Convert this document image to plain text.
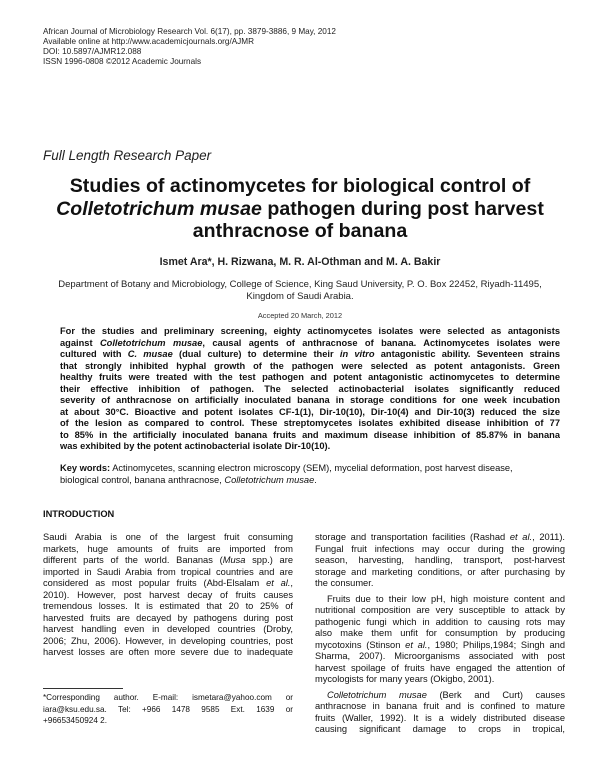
African Journal of Microbiology Research Vol. 6(17), pp. 3879-3886, 9 May, 2012
Available online at http://www.academicjournals.org/AJMR
DOI: 10.5897/AJMR12.088
ISSN 1996-0808 ©2012 Academic Journals
Full Length Research Paper
Studies of actinomycetes for biological control of
Colletotrichum musae pathogen during post harvest
anthracnose of banana
Ismet Ara*, H. Rizwana, M. R. Al-Othman and M. A. Bakir
Department of Botany and Microbiology, College of Science, King Saud University, P. O. Box 22452, Riyadh-11495,
Kingdom of Saudi Arabia.
Accepted 20 March, 2012
For the studies and preliminary screening, eighty actinomycetes isolates were selected as antagonists
against Colletotrichum musae, causal agents of anthracnose of banana. Actinomycetes isolates were
cultured with C. musae (dual culture) to determine their in vitro antagonistic ability. Seventeen strains
that strongly inhibited hyphal growth of the pathogen were selected as potent antagonists. Green
healthy fruits were treated with the test pathogen and potent antagonistic actinomycetes to determine
their effective inhibition of pathogen. The selected actinobacterial isolates significantly reduced
severity of anthracnose on artificially inoculated banana in storage conditions for one week incubation
at about 30°C. Bioactive and potent isolates CF-1(1), Dir-10(10), Dir-10(4) and Dir-10(3) reduced the size
of the lesion as compared to control. These streptomycetes isolates exhibited disease inhibition of 77
to 85% in the artificially inoculated banana fruits and maximum disease inhibition of 85.87% in banana
was exhibited by the potent actinobacterial isolate Dir-10(10).
Key words: Actinomycetes, scanning electron microscopy (SEM), mycelial deformation, post harvest disease,
biological control, banana anthracnose, Colletotrichum musae.
INTRODUCTION
Saudi Arabia is one of the largest fruit consuming
markets, huge amounts of fruits are imported from
different parts of the world. Bananas (Musa spp.) are
imported in Saudi Arabia from tropical countries and are
considered as most popular fruits (Abd-Elsalam et al.,
2010). However, post harvest decay of fruits causes
tremendous losses. It is estimated that 20 to 25% of
harvested fruits are decayed by pathogens during post
harvest handling even in developed countries (Droby,
2006; Zhu, 2006). However, in developing countries, post
harvest losses are often more severe due to inadequate
storage and transportation facilities (Rashad et al., 2011).
Fungal fruit infections may occur during the growing
season, harvesting, handling, transport, post-harvest
storage and marketing conditions, or after purchasing by
the consumer.
Fruits due to their low pH, high moisture content and
nutritional composition are very susceptible to attack by
pathogenic fungi which in addition to causing rots may
also make them unfit for consumption by producing
mycotoxins (Stinson et al., 1980; Philips,1984; Singh and
Sharma, 2007). Microorganisms associated with post
harvest spoilage of fruits have engaged the attention of
mycologists for many years (Okigbo, 2001).
Colletotrichum musae (Berk and Curt) causes
anthracnose in banana fruit and is confined to mature
fruits (Waller, 1992). It is a widely distributed disease
causing significant damage to crops in tropical,
*Corresponding author. E-mail: ismetara@yahoo.com or
iara@ksu.edu.sa. Tel: +966 1478 9585 Ext. 1639 or
+96653450924 2.
